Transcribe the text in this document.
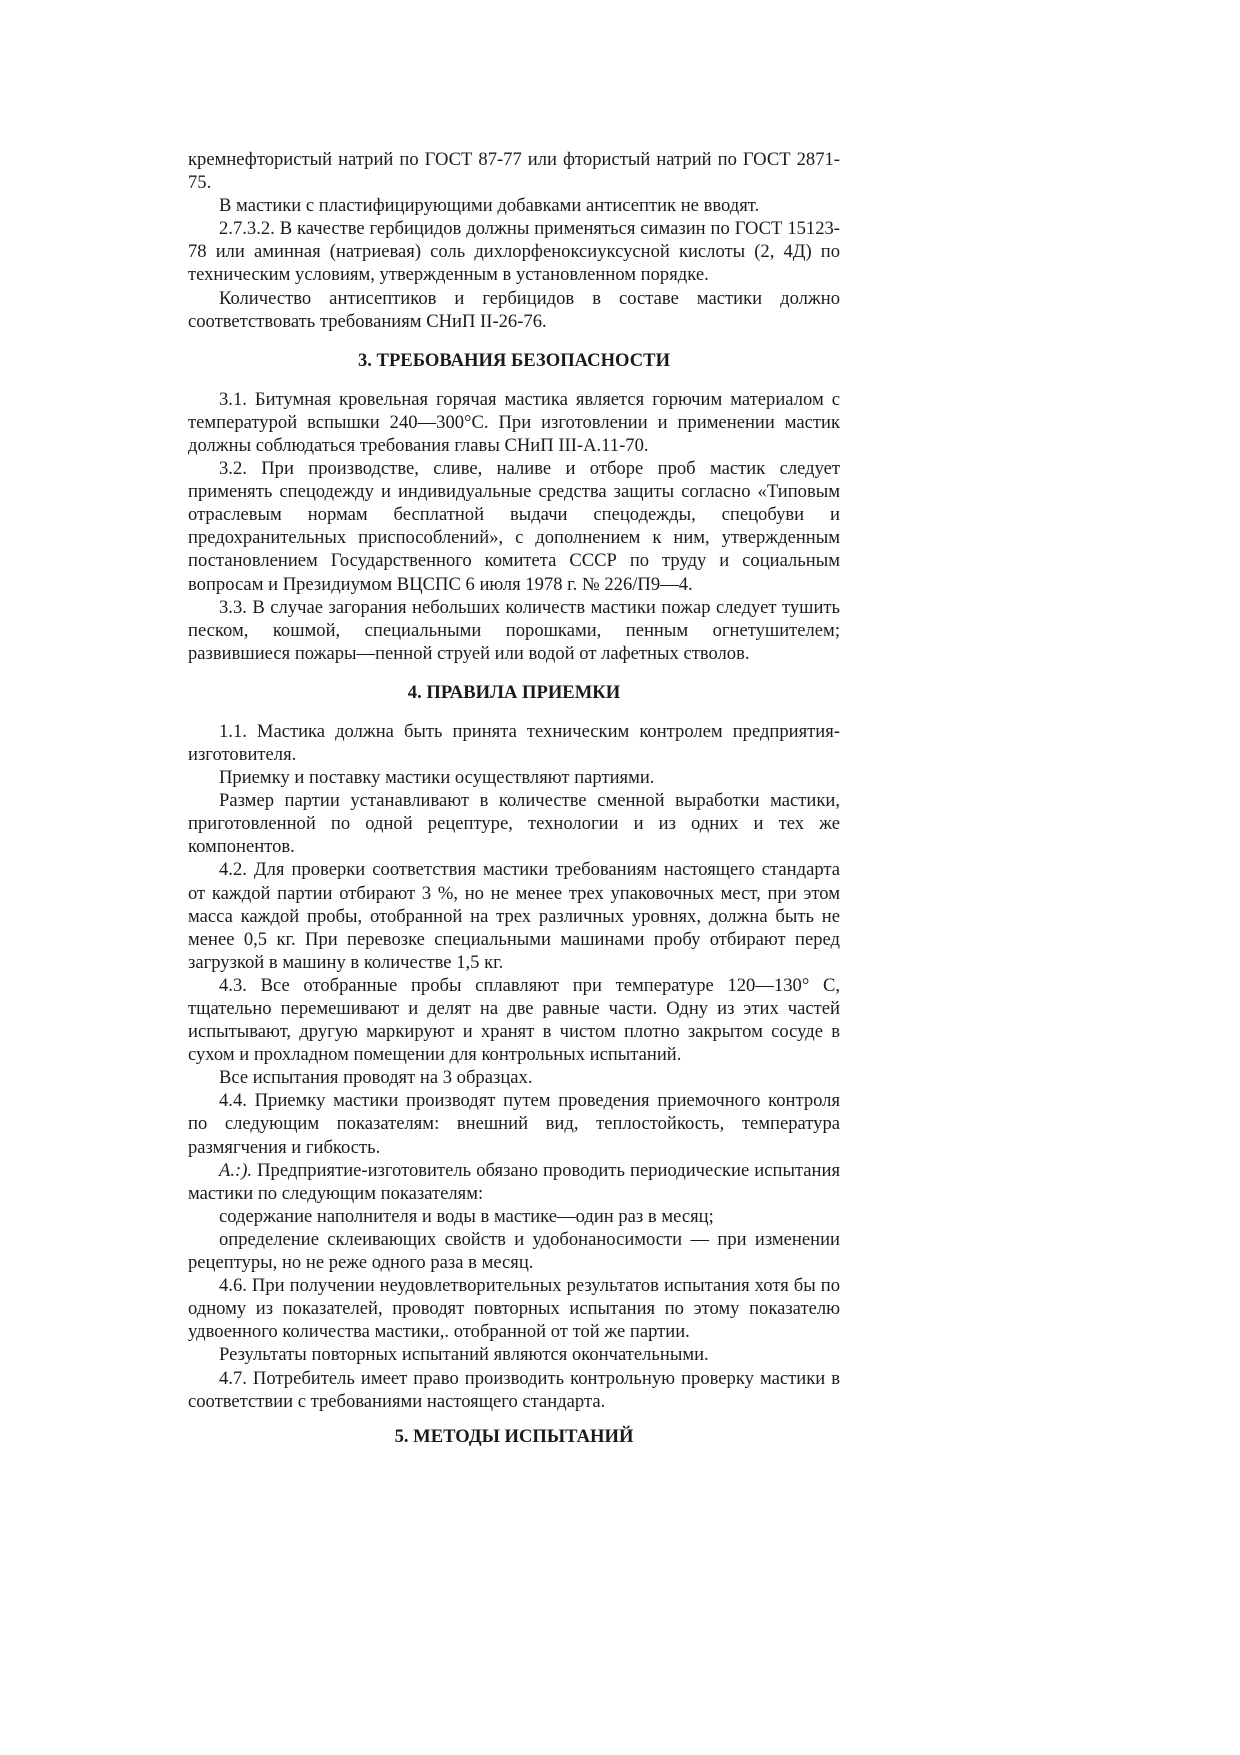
кремнефтористый натрий по ГОСТ 87-77 или фтористый натрий по ГОСТ 2871-75.

В мастики с пластифицирующими добавками антисептик не вводят.

2.7.3.2. В качестве гербицидов должны применяться симазин по ГОСТ 15123-78 или аминная (натриевая) соль дихлорфеноксиуксусной кислоты (2, 4Д) по техническим условиям, утвержденным в установленном порядке.

Количество антисептиков и гербицидов в составе мастики должно соответствовать требованиям СНиП II-26-76.

3. ТРЕБОВАНИЯ БЕЗОПАСНОСТИ

3.1. Битумная кровельная горячая мастика является горючим материалом с температурой вспышки 240—300°С. При изготовлении и применении мастик должны соблюдаться требования главы СНиП III-А.11-70.

3.2. При производстве, сливе, наливе и отборе проб мастик следует применять спецодежду и индивидуальные средства защиты согласно «Типовым отраслевым нормам бесплатной выдачи спецодежды, спецобуви и предохранительных приспособлений», с дополнением к ним, утвержденным постановлением Государственного комитета СССР по труду и социальным вопросам и Президиумом ВЦСПС 6 июля 1978 г. № 226/П9—4.

3.3. В случае загорания небольших количеств мастики пожар следует тушить песком, кошмой, специальными порошками, пенным огнетушителем; развившиеся пожары—пенной струей или водой от лафетных стволов.

4. ПРАВИЛА ПРИЕМКИ

1.1. Мастика должна быть принята техническим контролем предприятия-изготовителя.

Приемку и поставку мастики осуществляют партиями.

Размер партии устанавливают в количестве сменной выработки мастики, приготовленной по одной рецептуре, технологии и из одних и тех же компонентов.

4.2. Для проверки соответствия мастики требованиям настоящего стандарта от каждой партии отбирают 3 %, но не менее трех упаковочных мест, при этом масса каждой пробы, отобранной на трех различных уровнях, должна быть не менее 0,5 кг. При перевозке специальными машинами пробу отбирают перед загрузкой в машину в количестве 1,5 кг.

4.3. Все отобранные пробы сплавляют при температуре 120—130° С, тщательно перемешивают и делят на две равные части. Одну из этих частей испытывают, другую маркируют и хранят в чистом плотно закрытом сосуде в сухом и прохладном помещении для контрольных испытаний.

Все испытания проводят на 3 образцах.

4.4. Приемку мастики производят путем проведения приемочного контроля по следующим показателям: внешний вид, теплостойкость, температура размягчения и гибкость.

А.:). Предприятие-изготовитель обязано проводить периодические испытания мастики по следующим показателям:

содержание наполнителя и воды в мастике—один раз в месяц;

определение склеивающих свойств и удобонаносимости — при изменении рецептуры, но не реже одного раза в месяц.

4.6. При получении неудовлетворительных результатов испытания хотя бы по одному из показателей, проводят повторных испытания по этому показателю удвоенного количества мастики,. отобранной от той же партии.

Результаты повторных испытаний являются окончательными.

4.7. Потребитель имеет право производить контрольную проверку мастики в соответствии с требованиями настоящего стандарта.

5. МЕТОДЫ ИСПЫТАНИЙ
